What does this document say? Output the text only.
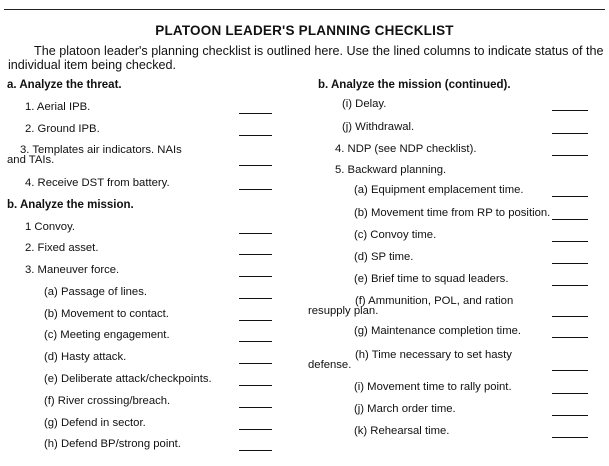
PLATOON LEADER'S PLANNING CHECKLIST
The platoon leader's planning checklist is outlined here. Use the lined columns to indicate status of the individual item being checked.
a. Analyze the threat.
1. Aerial IPB.
2. Ground IPB.
3. Templates air indicators. NAIs
and TAIs.
4. Receive DST from battery.
b. Analyze the mission.
1 Convoy.
2. Fixed asset.
3. Maneuver force.
(a) Passage of lines.
(b) Movement to contact.
(c) Meeting engagement.
(d) Hasty attack.
(e) Deliberate attack/checkpoints.
(f) River crossing/breach.
(g) Defend in sector.
(h) Defend BP/strong point.
b. Analyze the mission (continued).
(i) Delay.
(j) Withdrawal.
4. NDP (see NDP checklist).
5. Backward planning.
(a) Equipment emplacement time.
(b) Movement time from RP to position.
(c) Convoy time.
(d) SP time.
(e) Brief time to squad leaders.
(f) Ammunition, POL, and ration
resupply plan.
(g) Maintenance completion time.
(h) Time necessary to set hasty
defense.
(i) Movement time to rally point.
(j) March order time.
(k) Rehearsal time.
